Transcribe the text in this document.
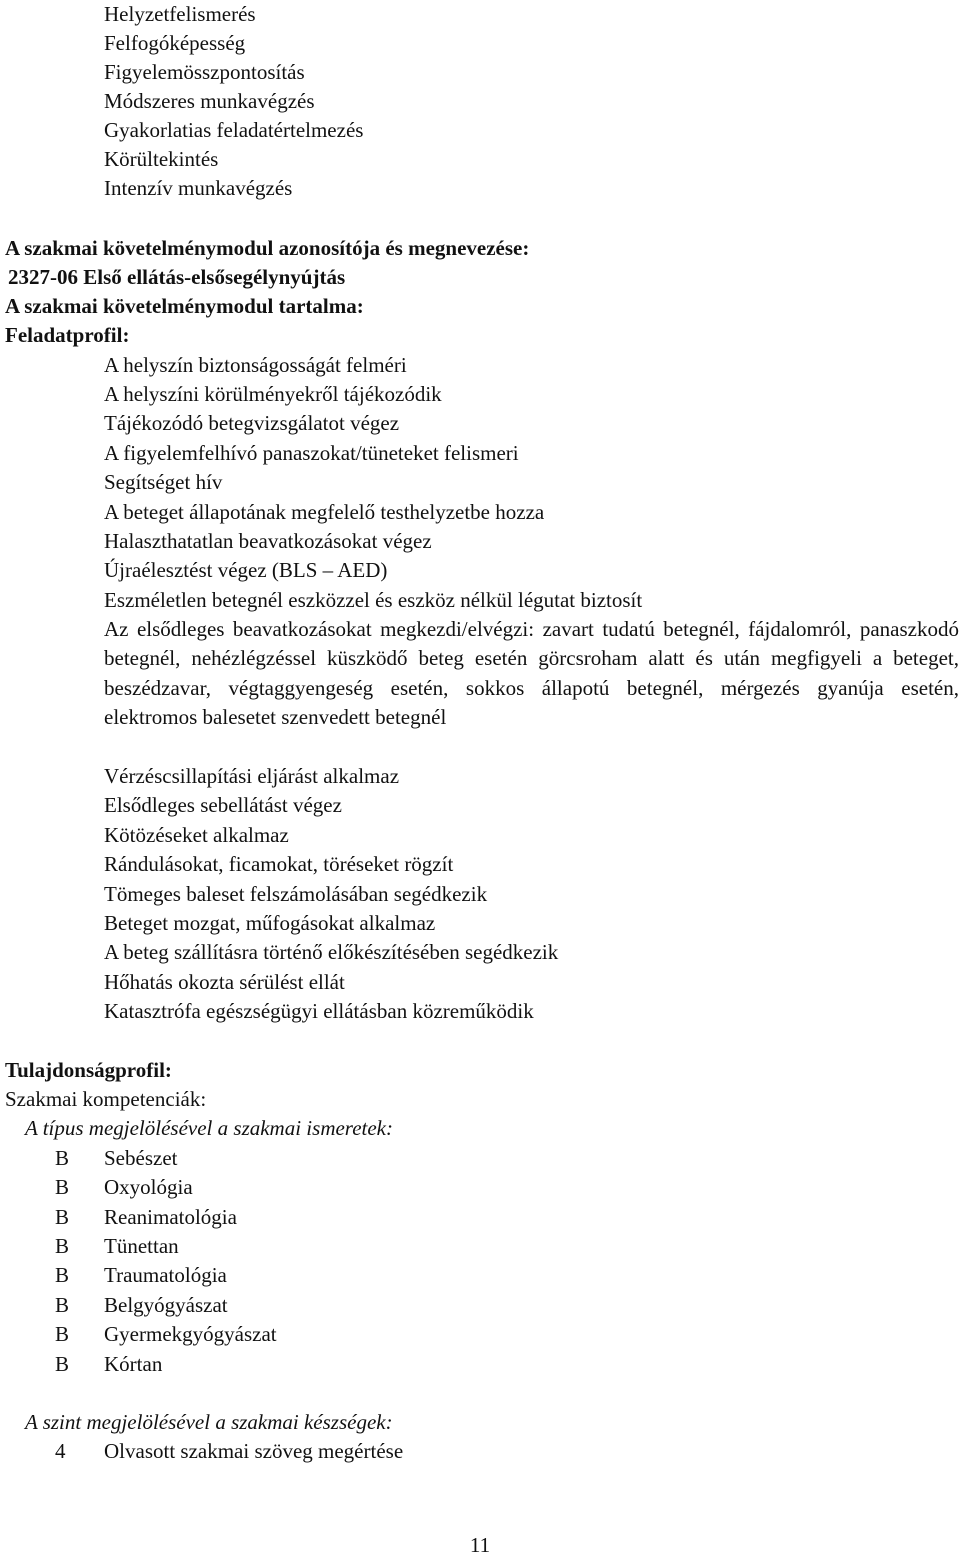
Helyzetfelismerés
Felfogóképesség
Figyelemösszpontosítás
Módszeres munkavégzés
Gyakorlatias feladatértelmezés
Körültekintés
Intenzív munkavégzés
A szakmai követelménymodul azonosítója és megnevezése:
2327-06 Első ellátás-elsősegélynyújtás
A szakmai követelménymodul tartalma:
Feladatprofil:
A helyszín biztonságosságát felméri
A helyszíni körülményekről tájékozódik
Tájékozódó betegvizsgálatot végez
A figyelemfelhívó panaszokat/tüneteket felismeri
Segítséget hív
A beteget állapotának megfelelő testhelyzetbe hozza
Halaszthatatlan beavatkozásokat végez
Újraélesztést végez (BLS – AED)
Eszméletlen betegnél eszközzel és eszköz nélkül légutat biztosít
Az elsődleges beavatkozásokat megkezdi/elvégzi: zavart tudatú betegnél, fájdalomról, panaszkodó betegnél, nehézlégzéssel küszködő beteg esetén görcsroham alatt és után megfigyeli a beteget, beszédzavar, végtaggyengeség esetén, sokkos állapotú betegnél, mérgezés gyanúja esetén, elektromos balesetet szenvedett betegnél
Vérzéscsillapítási eljárást alkalmaz
Elsődleges sebellátást végez
Kötözéseket alkalmaz
Rándulásokat, ficamokat, töréseket rögzít
Tömeges baleset felszámolásában segédkezik
Beteget mozgat, műfogásokat alkalmaz
A beteg szállításra történő előkészítésében segédkezik
Hőhatás okozta sérülést ellát
Katasztrófa egészségügyi ellátásban közreműködik
Tulajdonságprofil:
Szakmai kompetenciák:
A típus megjelölésével a szakmai ismeretek:
B Sebészet
B Oxyológia
B Reanimatológia
B Tünettan
B Traumatológia
B Belgyógyászat
B Gyermekgyógyászat
B Kórtan
A szint megjelölésével a szakmai készségek:
4 Olvasott szakmai szöveg megértése
11
